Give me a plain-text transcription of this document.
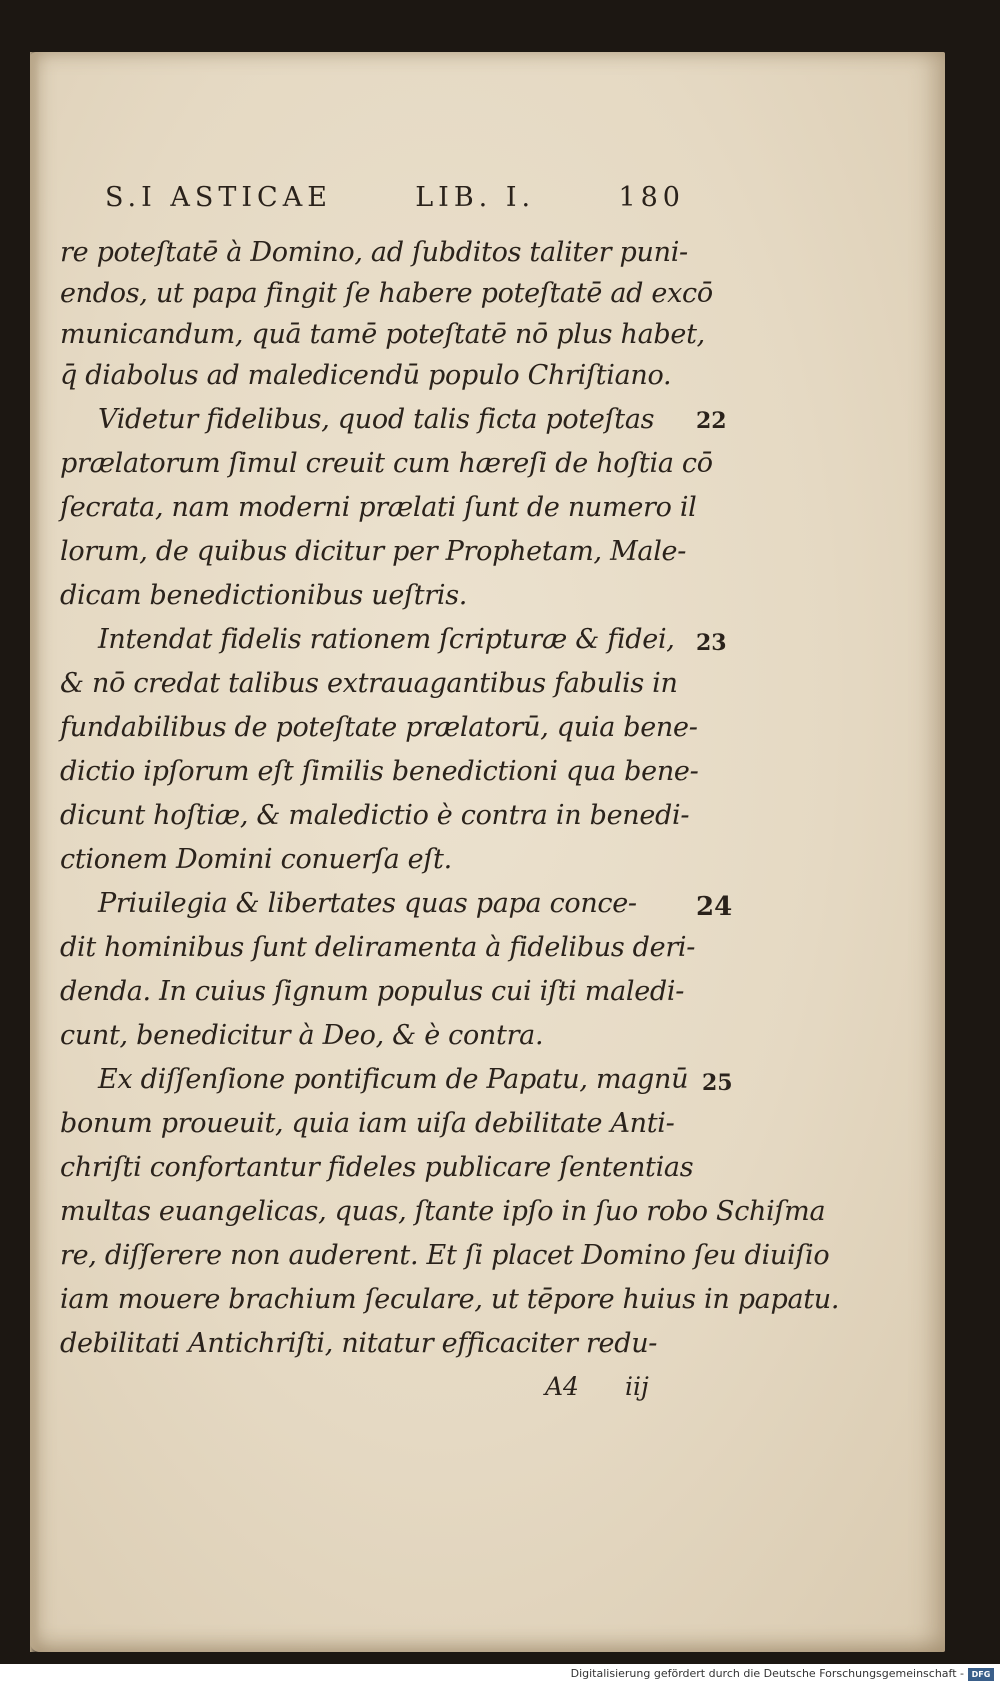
S.I ASTICAE	LIB. I.	180
re poteſtatē à Domino, ad ſubditos taliter puni-
endos, ut papa fingit ſe habere poteſtatē ad excō
municandum, quā tamē poteſtatē nō plus habet,
q̄ diabolus ad maledicendū populo Chriſtiano.
Videtur fidelibus, quod talis ficta poteſtas
prælatorum ſimul creuit cum hæreſi de hoſtia cō
ſecrata, nam moderni prælati ſunt de numero il
lorum, de quibus dicitur per Prophetam, Male-
dicam benedictionibus ueſtris.
Intendat fidelis rationem ſcripturæ & fidei,
& nō credat talibus extrauagantibus fabulis in
fundabilibus de poteſtate prælatorū, quia bene-
dictio ipſorum eſt ſimilis benedictioni qua bene-
dicunt hoſtiæ, & maledictio è contra in benedi-
ctionem Domini conuerſa eſt.
Priuilegia & libertates quas papa conce-
dit hominibus ſunt deliramenta à fidelibus deri-
denda. In cuius ſignum populus cui iſti maledi-
cunt, benedicitur à Deo, & è contra.
Ex diſſenſione pontificum de Papatu, magnū
bonum proueuit, quia iam uiſa debilitate Anti-
chriſti confortantur fideles publicare ſententias
multas euangelicas, quas, ſtante ipſo in ſuo robo Schiſma
re, diſſerere non auderent. Et ſi placet Domino ſeu diuiſio
iam mouere brachium ſeculare, ut tēpore huius in papatu.
debilitati Antichriſti, nitatur efficaciter redu-
22
23
24
25
A4 iij
Digitalisierung gefördert durch die Deutsche Forschungsgemeinschaft - DFG
